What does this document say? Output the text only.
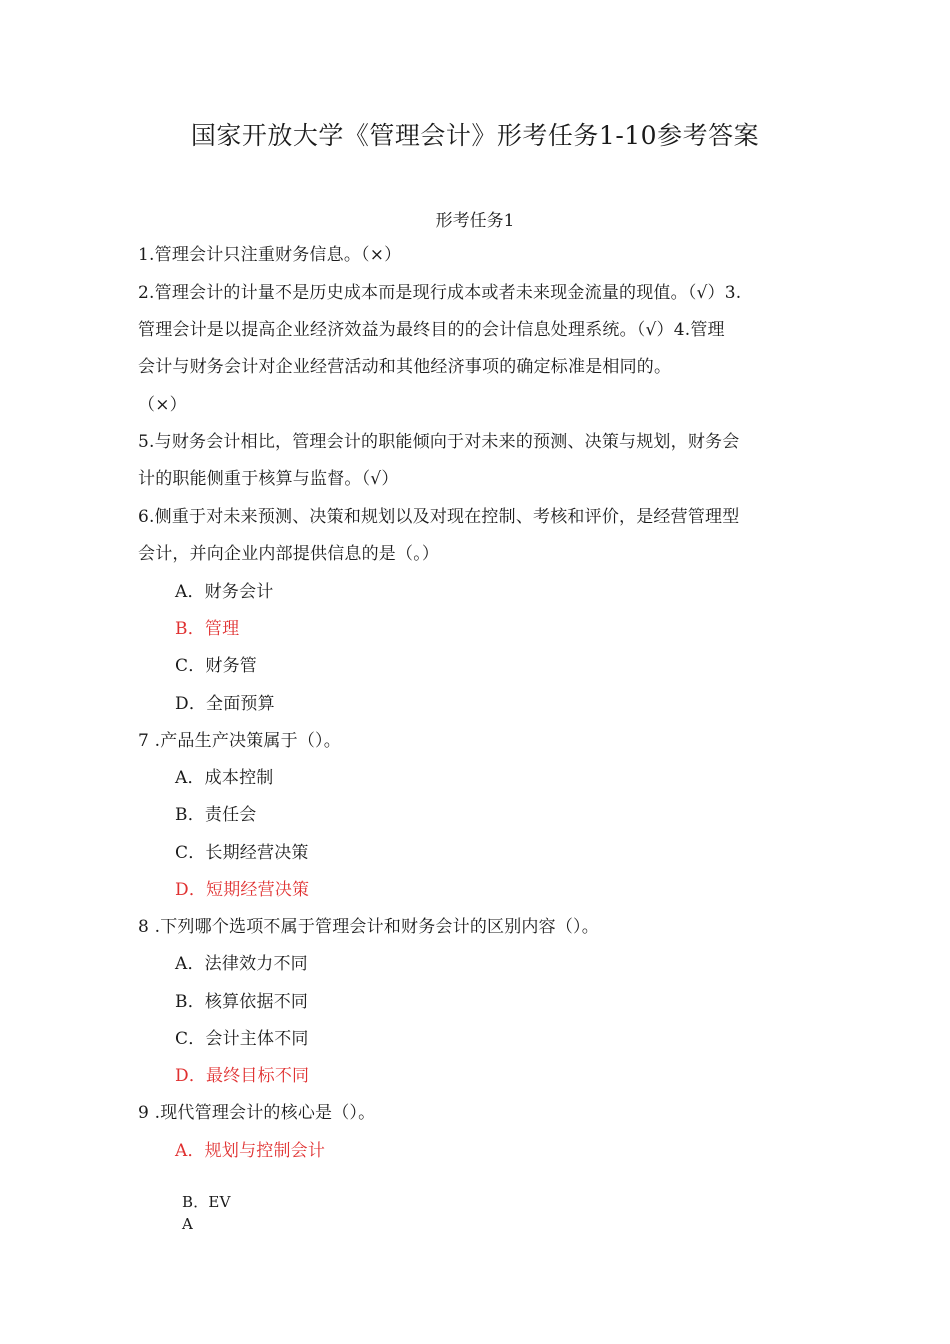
国家开放大学《管理会计》形考任务1-10参考答案
形考任务1
1.管理会计只注重财务信息。（×）
2.管理会计的计量不是历史成本而是现行成本或者未来现金流量的现值。（√）3.
管理会计是以提高企业经济效益为最终目的的会计信息处理系统。（√）4.管理
会计与财务会计对企业经营活动和其他经济事项的确定标准是相同的。
（×）
5.与财务会计相比，管理会计的职能倾向于对未来的预测、决策与规划，财务会
计的职能侧重于核算与监督。（√）
6.侧重于对未来预测、决策和规划以及对现在控制、考核和评价，是经营管理型
会计，并向企业内部提供信息的是（。）
A．财务会计
B．管理
C．财务管
D．全面预算
7 .产品生产决策属于（）。
A．成本控制
B．责任会
C．长期经营决策
D．短期经营决策
8 .下列哪个选项不属于管理会计和财务会计的区别内容（）。
A．法律效力不同
B．核算依据不同
C．会计主体不同
D．最终目标不同
9 .现代管理会计的核心是（）。
A．规划与控制会计
B．EV
A
